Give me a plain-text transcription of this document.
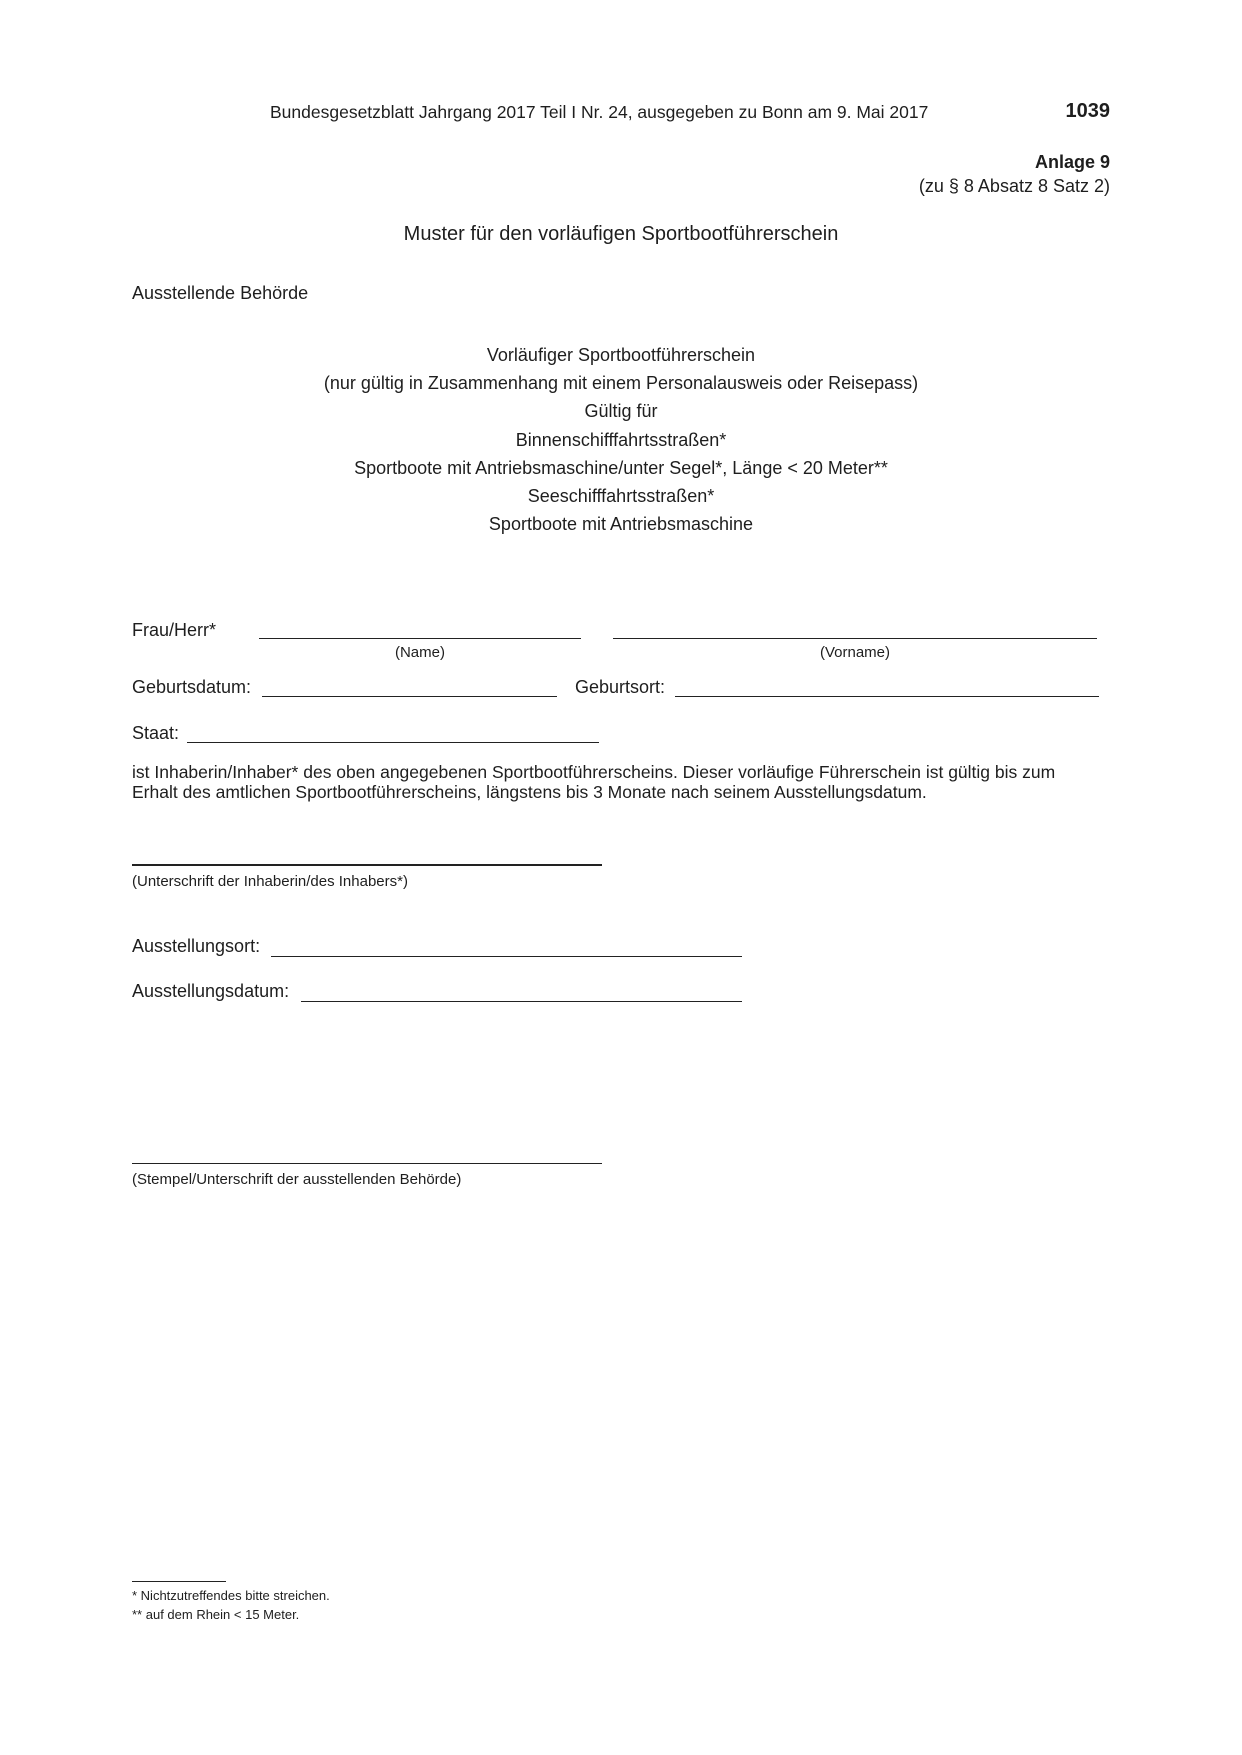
Bundesgesetzblatt Jahrgang 2017 Teil I Nr. 24, ausgegeben zu Bonn am 9. Mai 2017	1039
Anlage 9
(zu § 8 Absatz 8 Satz 2)
Muster für den vorläufigen Sportbootführerschein
Ausstellende Behörde
Vorläufiger Sportbootführerschein
(nur gültig in Zusammenhang mit einem Personalausweis oder Reisepass)
Gültig für
Binnenschifffahrtsstraßen*
Sportboote mit Antriebsmaschine/unter Segel*, Länge < 20 Meter**
Seeschifffahrtsstraßen*
Sportboote mit Antriebsmaschine
Frau/Herr*
(Name)	(Vorname)
Geburtsdatum:	Geburtsort:
Staat:
ist Inhaberin/Inhaber* des oben angegebenen Sportbootführerscheins. Dieser vorläufige Führerschein ist gültig bis zum
Erhalt des amtlichen Sportbootführerscheins, längstens bis 3 Monate nach seinem Ausstellungsdatum.
(Unterschrift der Inhaberin/des Inhabers*)
Ausstellungsort:
Ausstellungsdatum:
(Stempel/Unterschrift der ausstellenden Behörde)
* Nichtzutreffendes bitte streichen.
** auf dem Rhein < 15 Meter.
